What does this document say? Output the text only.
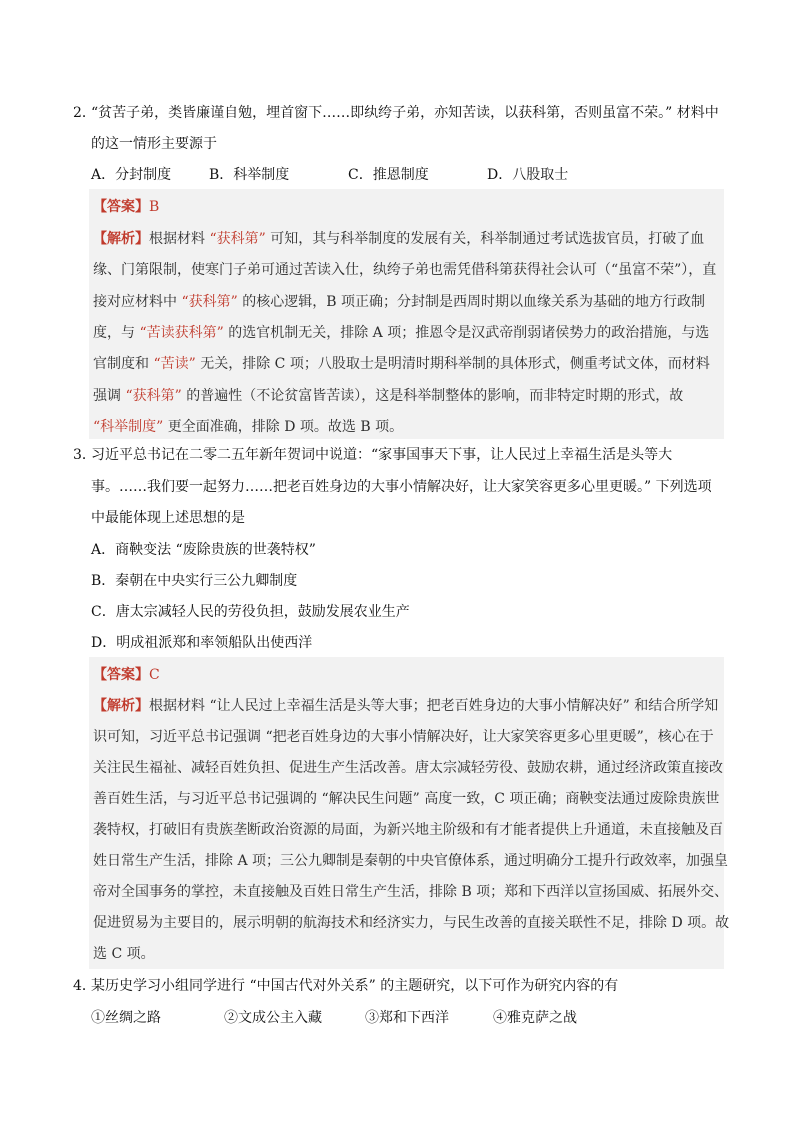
2．
“贫苦子弟，类皆廉谨自勉，埋首窗下……即纨绔子弟，亦知苦读，以获科第，否则虽富不荣。” 材料中
的这一情形主要源于
A．分封制度	B．科举制度	C．推恩制度	D．八股取士
【答案】B
【解析】 根据材料 “获科第” 可知，其与科举制度的发展有关，科举制通过考试选拔官员，打破了血
缘、门第限制，使寒门子弟可通过苦读入仕，纨绔子弟也需凭借科第获得社会认可（“虽富不荣”），直
接对应材料中 “获科第” 的核心逻辑，B 项正确；分封制是西周时期以血缘关系为基础的地方行政制
度，与 “苦读获科第” 的选官机制无关，排除 A 项；推恩令是汉武帝削弱诸侯势力的政治措施，与选
官制度和 “苦读” 无关，排除 C 项；八股取士是明清时期科举制的具体形式，侧重考试文体，而材料
强调 “获科第” 的普遍性（不论贫富皆苦读），这是科举制整体的影响，而非特定时期的形式，故
“科举制度” 更全面准确，排除 D 项。故选 B 项。
3．
习近平总书记在二零二五年新年贺词中说道：“家事国事天下事，让人民过上幸福生活是头等大
事。……我们要一起努力……把老百姓身边的大事小情解决好，让大家笑容更多心里更暖。” 下列选项
中最能体现上述思想的是
A．商鞅变法 “废除贵族的世袭特权”
B．秦朝在中央实行三公九卿制度
C．唐太宗减轻人民的劳役负担，鼓励发展农业生产
D．明成祖派郑和率领船队出使西洋
【答案】C
【解析】根据材料 “让人民过上幸福生活是头等大事；把老百姓身边的大事小情解决好” 和结合所学知
识可知，习近平总书记强调 “把老百姓身边的大事小情解决好，让大家笑容更多心里更暖”，核心在于
关注民生福祉、减轻百姓负担、促进生产生活改善。唐太宗减轻劳役、鼓励农耕，通过经济政策直接改
善百姓生活，与习近平总书记强调的 “解决民生问题” 高度一致，C 项正确；商鞅变法通过废除贵族世
袭特权，打破旧有贵族垄断政治资源的局面，为新兴地主阶级和有才能者提供上升通道，未直接触及百
姓日常生产生活，排除 A 项；三公九卿制是秦朝的中央官僚体系，通过明确分工提升行政效率，加强皇
帝对全国事务的掌控，未直接触及百姓日常生产生活，排除 B 项；郑和下西洋以宣扬国威、拓展外交、
促进贸易为主要目的，展示明朝的航海技术和经济实力，与民生改善的直接关联性不足，排除 D 项。故
选 C 项。
4．
某历史学习小组同学进行 “中国古代对外关系” 的主题研究，以下可作为研究内容的有
①丝绸之路	②文成公主入藏	③郑和下西洋	④雅克萨之战
